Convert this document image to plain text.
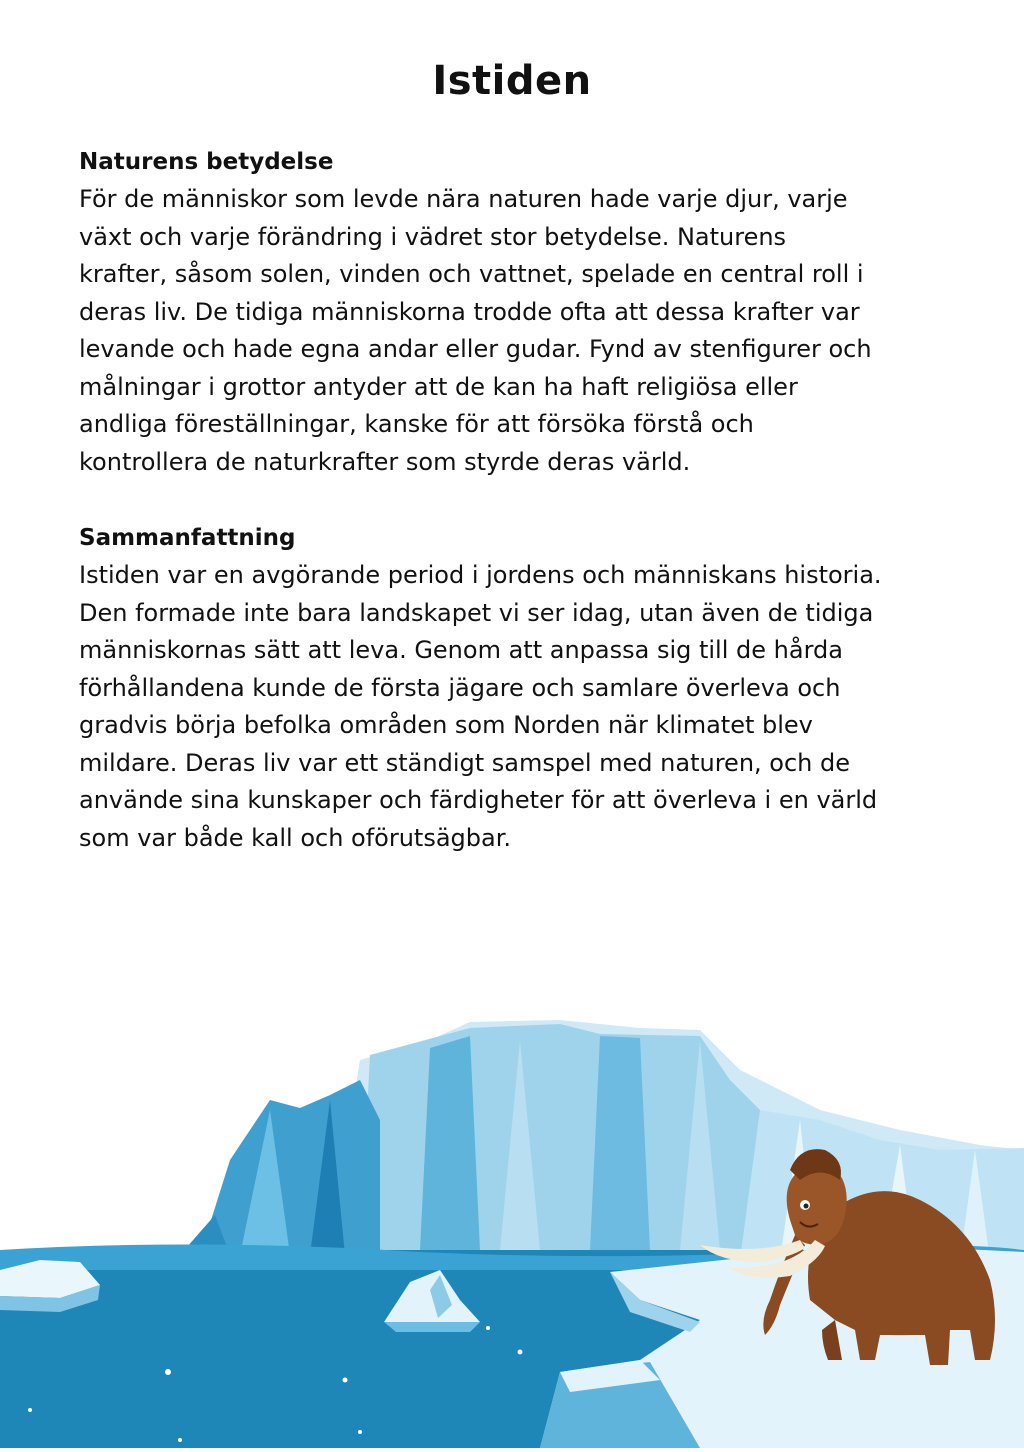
Istiden

Naturens betydelse

För de människor som levde nära naturen hade varje djur, varje
växt och varje förändring i vädret stor betydelse. Naturens
krafter, såsom solen, vinden och vattnet, spelade en central roll i
deras liv. De tidiga människorna trodde ofta att dessa krafter var
levande och hade egna andar eller gudar. Fynd av stenfigurer och
målningar i grottor antyder att de kan ha haft religiösa eller
andliga föreställningar, kanske för att försöka förstå och
kontrollera de naturkrafter som styrde deras värld.

Sammanfattning

Istiden var en avgörande period i jordens och människans historia.
Den formade inte bara landskapet vi ser idag, utan även de tidiga
människornas sätt att leva. Genom att anpassa sig till de hårda
förhållandena kunde de första jägare och samlare överleva och
gradvis börja befolka områden som Norden när klimatet blev
mildare. Deras liv var ett ständigt samspel med naturen, och de
använde sina kunskaper och färdigheter för att överleva i en värld
som var både kall och oförutsägbar.
